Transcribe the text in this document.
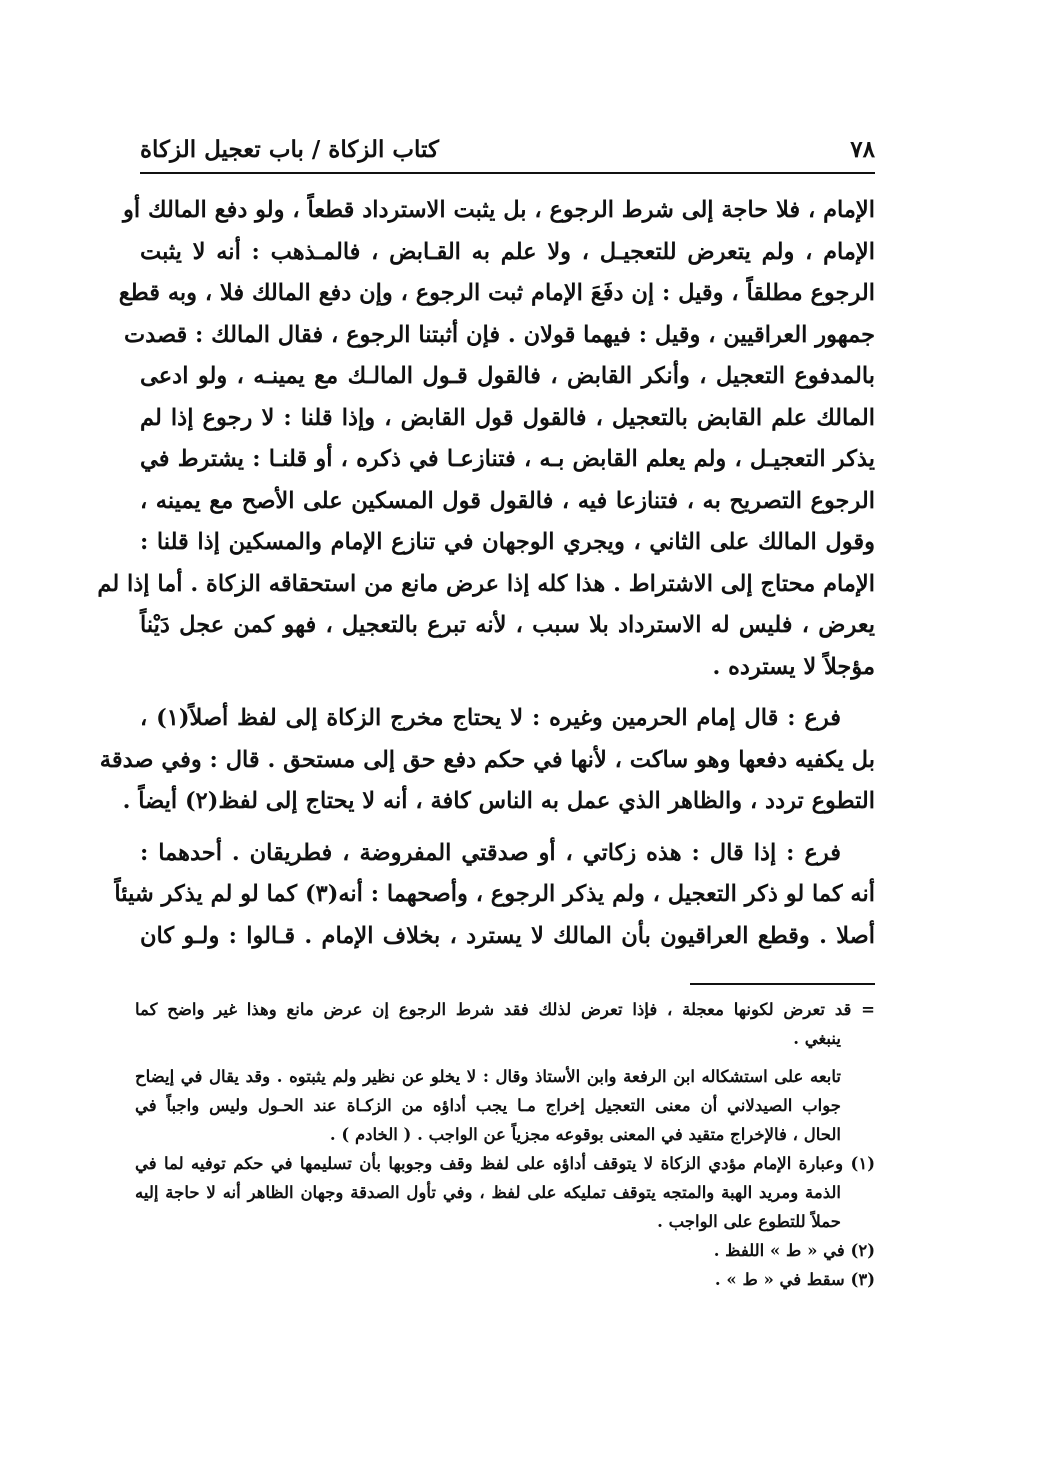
٧٨
كتاب الزكاة / باب تعجيل الزكاة
الإمام ، فلا حاجة إلى شرط الرجوع ، بل يثبت الاسترداد قطعاً ، ولو دفع المالك أو
الإمام ، ولم يتعرض للتعجيـل ، ولا علم به القـابض ، فالمـذهب : أنه لا يثبت
الرجوع مطلقاً ، وقيل : إن دفَعَ الإمام ثبت الرجوع ، وإن دفع المالك فلا ، وبه قطع
جمهور العراقيين ، وقيل : فيهما قولان . فإن أثبتنا الرجوع ، فقال المالك : قصدت
بالمدفوع التعجيل ، وأنكر القابض ، فالقول قـول المالـك مع يمينـه ، ولو ادعى
المالك علم القابض بالتعجيل ، فالقول قول القابض ، وإذا قلنا : لا رجوع إذا لم
يذكر التعجيـل ، ولم يعلم القابض بـه ، فتنازعـا في ذكره ، أو قلنـا : يشترط في
الرجوع التصريح به ، فتنازعا فيه ، فالقول قول المسكين على الأصح مع يمينه ،
وقول المالك على الثاني ، ويجري الوجهان في تنازع الإمام والمسكين إذا قلنا :
الإمام محتاج إلى الاشتراط . هذا كله إذا عرض مانع من استحقاقه الزكاة . أما إذا لم
يعرض ، فليس له الاسترداد بلا سبب ، لأنه تبرع بالتعجيل ، فهو كمن عجل دَيْناً
مؤجلاً لا يسترده .
فرع : قال إمام الحرمين وغيره : لا يحتاج مخرج الزكاة إلى لفظ أصلاً(١) ،
بل يكفيه دفعها وهو ساكت ، لأنها في حكم دفع حق إلى مستحق . قال : وفي صدقة
التطوع تردد ، والظاهر الذي عمل به الناس كافة ، أنه لا يحتاج إلى لفظ(٢) أيضاً .
فرع : إذا قال : هذه زكاتي ، أو صدقتي المفروضة ، فطريقان . أحدهما :
أنه كما لو ذكر التعجيل ، ولم يذكر الرجوع ، وأصحهما : أنه(٣) كما لو لم يذكر شيئاً
أصلا . وقطع العراقيون بأن المالك لا يسترد ، بخلاف الإمام . قـالوا : ولـو كان
= قد تعرض لكونها معجلة ، فإذا تعرض لذلك فقد شرط الرجوع إن عرض مانع وهذا غير واضح كما
ينبغي .
تابعه على استشكاله ابن الرفعة وابن الأستاذ وقال : لا يخلو عن نظير ولم يثبتوه . وقد يقال في إيضاح
جواب الصيدلاني أن معنى التعجيل إخراج مـا يجب أداؤه من الزكـاة عند الحـول وليس واجباً في
الحال ، فالإخراج متقيد في المعنى بوقوعه مجزياً عن الواجب . ( الخادم ) .
(١) وعبارة الإمام مؤدي الزكاة لا يتوقف أداؤه على لفظ وقف وجوبها بأن تسليمها في حكم توفيه لما في
الذمة ومريد الهبة والمتجه يتوقف تمليكه على لفظ ، وفي تأول الصدقة وجهان الظاهر أنه لا حاجة إليه
حملاً للتطوع على الواجب .
(٢) في « ط » اللفظ .
(٣) سقط في « ط » .
